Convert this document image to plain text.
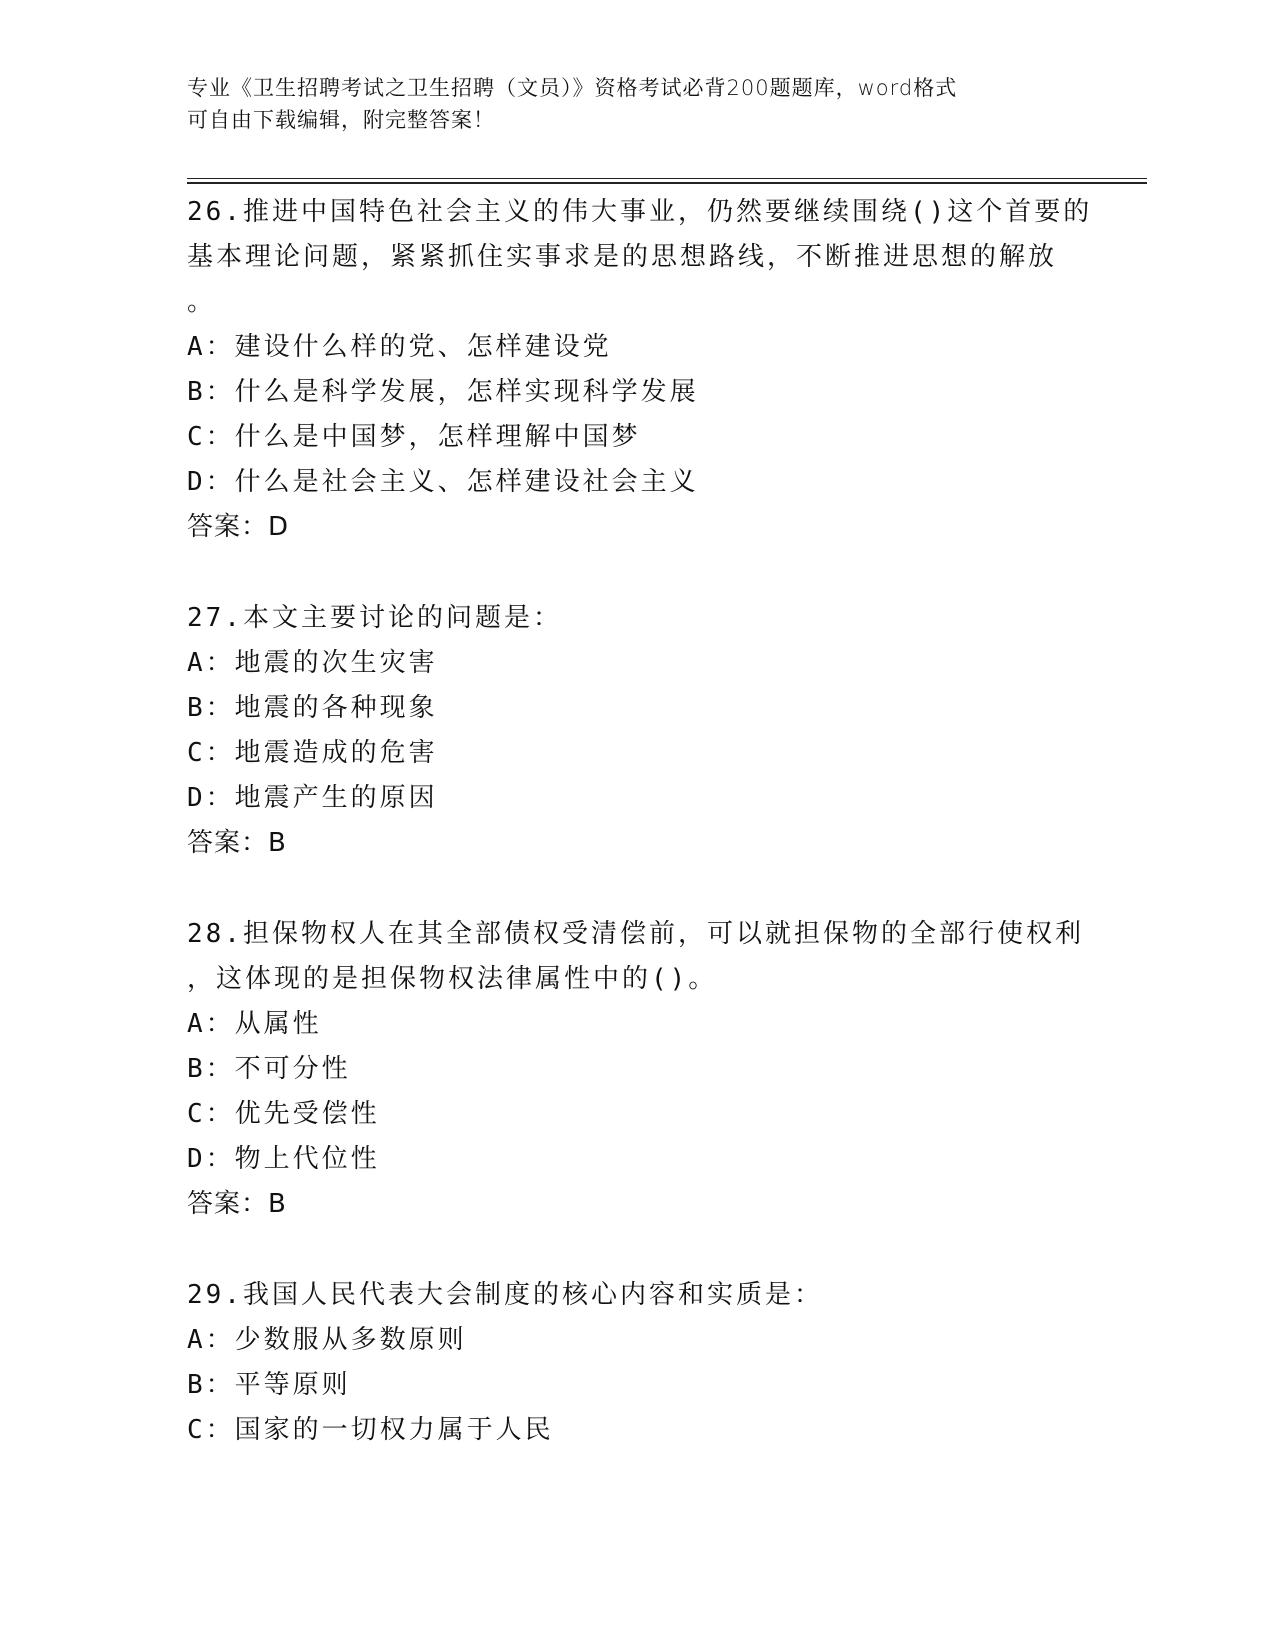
专业《卫生招聘考试之卫生招聘（文员）》资格考试必背200题题库，word格式
可自由下载编辑，附完整答案！
26.推进中国特色社会主义的伟大事业，仍然要继续围绕()这个首要的
基本理论问题，紧紧抓住实事求是的思想路线，不断推进思想的解放
。
A：建设什么样的党、怎样建设党
B：什么是科学发展，怎样实现科学发展
C：什么是中国梦，怎样理解中国梦
D：什么是社会主义、怎样建设社会主义
答案：D
27.本文主要讨论的问题是：
A：地震的次生灾害
B：地震的各种现象
C：地震造成的危害
D：地震产生的原因
答案：B
28.担保物权人在其全部债权受清偿前，可以就担保物的全部行使权利
，这体现的是担保物权法律属性中的()。
A：从属性
B：不可分性
C：优先受偿性
D：物上代位性
答案：B
29.我国人民代表大会制度的核心内容和实质是：
A：少数服从多数原则
B：平等原则
C：国家的一切权力属于人民
